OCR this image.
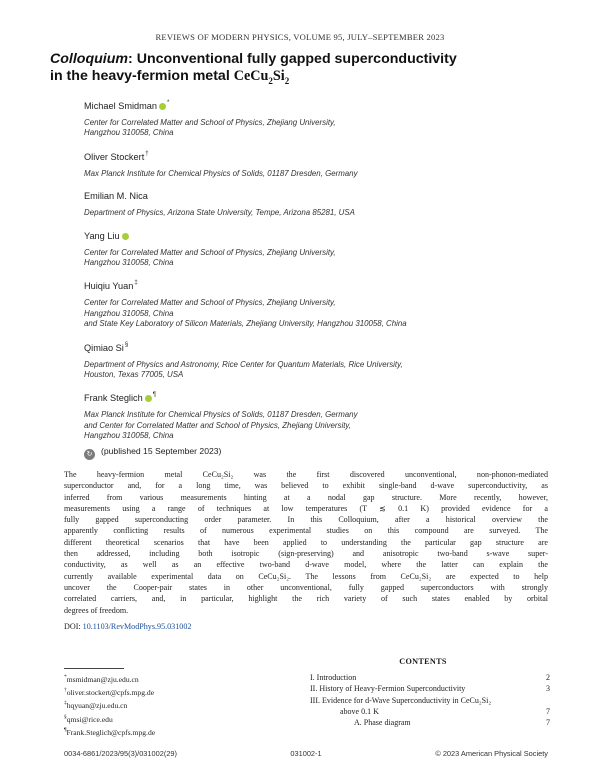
REVIEWS OF MODERN PHYSICS, VOLUME 95, JULY–SEPTEMBER 2023
Colloquium: Unconventional fully gapped superconductivity
in the heavy-fermion metal $CeCu_2Si_2$
Michael Smidman *
Center for Correlated Matter and School of Physics, Zhejiang University,
Hangzhou 310058, China
Oliver Stockert†
Max Planck Institute for Chemical Physics of Solids, 01187 Dresden, Germany
Emilian M. Nica
Department of Physics, Arizona State University, Tempe, Arizona 85281, USA
Yang Liu
Center for Correlated Matter and School of Physics, Zhejiang University,
Hangzhou 310058, China
Huiqiu Yuan‡
Center for Correlated Matter and School of Physics, Zhejiang University,
Hangzhou 310058, China
and State Key Laboratory of Silicon Materials, Zhejiang University, Hangzhou 310058, China
Qimiao Si§
Department of Physics and Astronomy, Rice Center for Quantum Materials, Rice University,
Houston, Texas 77005, USA
Frank Steglich ¶
Max Planck Institute for Chemical Physics of Solids, 01187 Dresden, Germany
and Center for Correlated Matter and School of Physics, Zhejiang University,
Hangzhou 310058, China
↻ (published 15 September 2023)
The heavy-fermion metal CeCu₂Si₂ was the first discovered unconventional, non-phonon-mediated
superconductor and, for a long time, was believed to exhibit single-band d-wave superconductivity, as
inferred from various measurements hinting at a nodal gap structure. More recently, however,
measurements using a range of techniques at low temperatures (T ≲ 0.1 K) provided evidence for a
fully gapped superconducting order parameter. In this Colloquium, after a historical overview the
apparently conflicting results of numerous experimental studies on this compound are surveyed. The
different theoretical scenarios that have been applied to understanding the particular gap structure are
then addressed, including both isotropic (sign-preserving) and anisotropic two-band s-wave super-
conductivity, as well as an effective two-band d-wave model, where the latter can explain the
currently available experimental data on CeCu₂Si₂. The lessons from CeCu₂Si₂ are expected to help
uncover the Cooper-pair states in other unconventional, fully gapped superconductors with strongly
correlated carriers, and, in particular, highlight the rich variety of such states enabled by orbital
degrees of freedom.
DOI: 10.1103/RevModPhys.95.031002
*msmidman@zju.edu.cn
†oliver.stockert@cpfs.mpg.de
‡hqyuan@zju.edu.cn
§qmsi@rice.edu
¶Frank.Steglich@cpfs.mpg.de
CONTENTS
I. Introduction	2
II. History of Heavy-Fermion Superconductivity	3
III. Evidence for d-Wave Superconductivity in CeCu₂Si₂
above 0.1 K	7
A. Phase diagram	7
0034-6861/2023/95(3)/031002(29)	031002-1	© 2023 American Physical Society
